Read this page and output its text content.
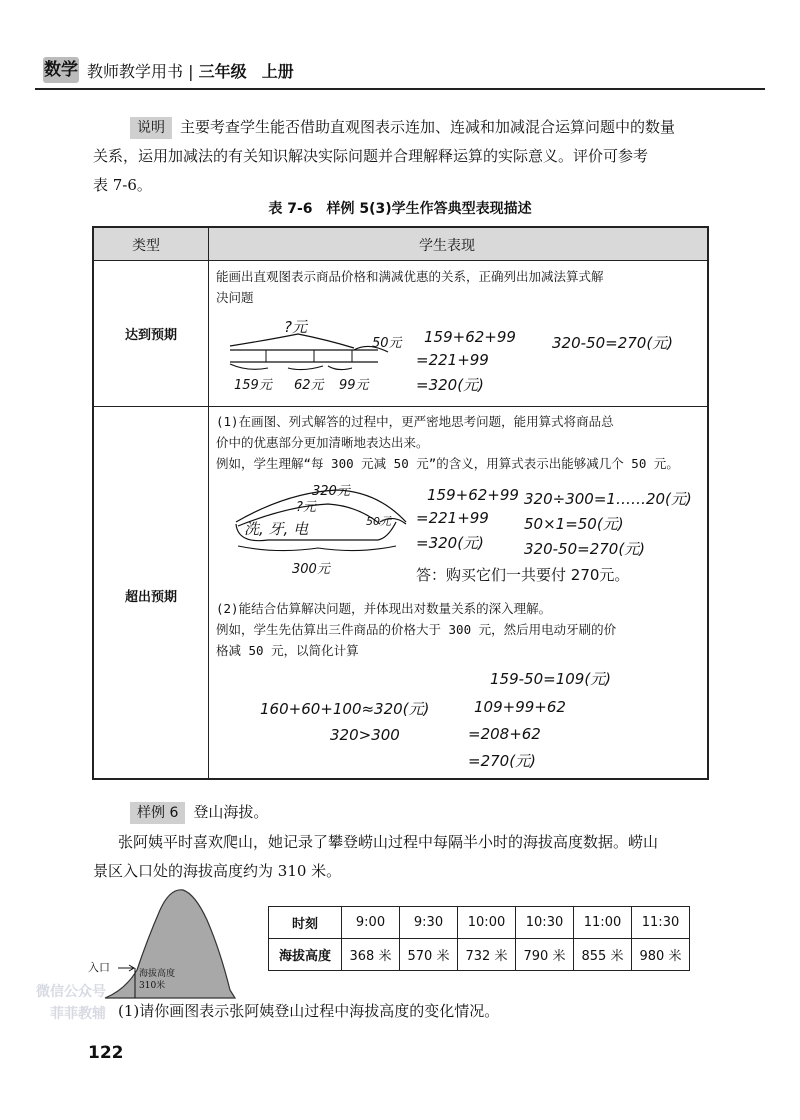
数学 教师教学用书 | 三年级 上册
说明 主要考查学生能否借助直观图表示连加、连减和加减混合运算问题中的数量
关系，运用加减法的有关知识解决实际问题并合理解释运算的实际意义。评价可参考
表 7-6。
表 7-6　样例 5(3)学生作答典型表现描述
类型	学生表现
达到预期
能画出直观图表示商品价格和满减优惠的关系，正确列出加减法算式解
决问题
?元
50元
159元 62元 99元
159+62+99
=221+99
=320(元)
320-50=270(元)
超出预期
(1)在画图、列式解答的过程中，更严密地思考问题，能用算式将商品总
价中的优惠部分更加清晰地表达出来。
例如，学生理解“每 300 元减 50 元”的含义，用算式表示出能够减几个 50 元。
320元
?元
洗, 牙, 电	50元
300元
159+62+99
=221+99
=320(元)
320÷300=1……20(元)
50×1=50(元)
320-50=270(元)
答：购买它们一共要付 270元。
(2)能结合估算解决问题，并体现出对数量关系的深入理解。
例如，学生先估算出三件商品的价格大于 300 元，然后用电动牙刷的价
格减 50 元，以简化计算
159-50=109(元)
160+60+100≈320(元)	109+99+62
320>300	=208+62
=270(元)
样例 6 登山海拔。
张阿姨平时喜欢爬山，她记录了攀登崂山过程中每隔半小时的海拔高度数据。崂山
景区入口处的海拔高度约为 310 米。
入口	海拔高度
310米
时刻	9:00	9:30	10:00	10:30	11:00	11:30
海拔高度	368 米	570 米	732 米	790 米	855 米	980 米
(1)请你画图表示张阿姨登山过程中海拔高度的变化情况。
微信公众号
菲菲教辅
122
